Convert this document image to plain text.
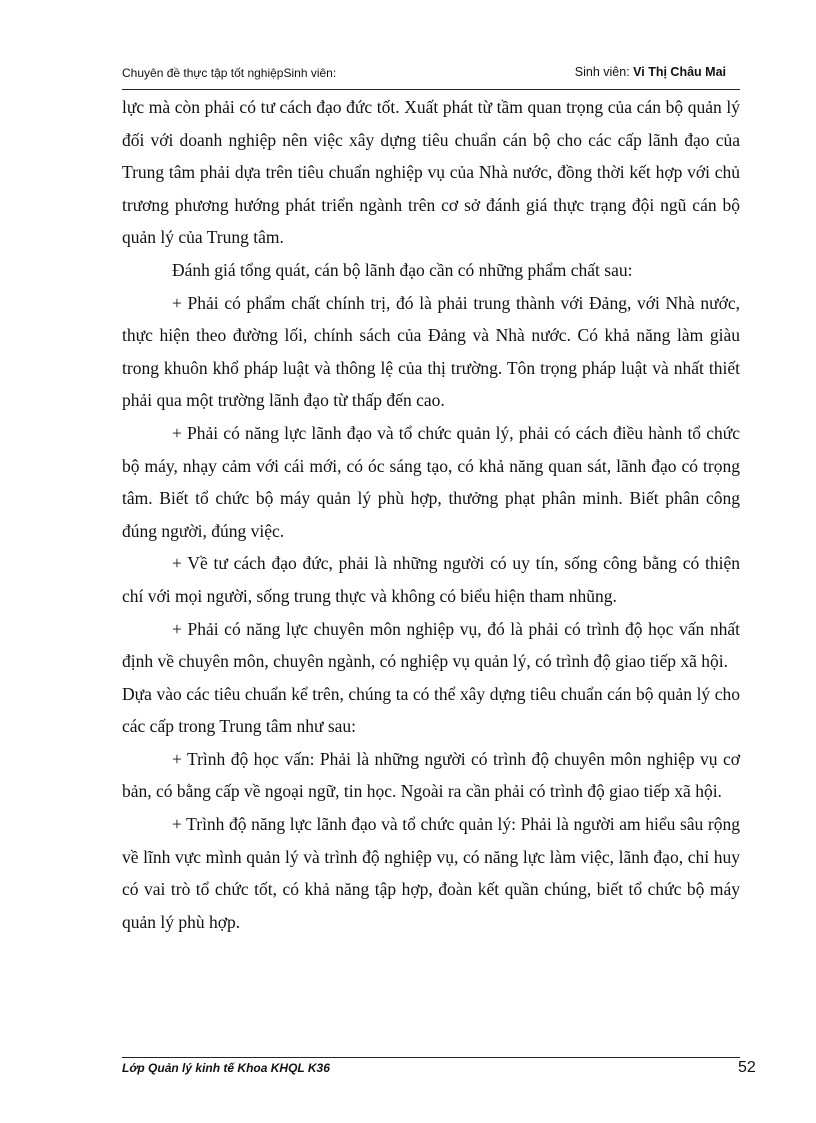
Chuyên đề thực tập tốt nghiệpSinh viên:	Sinh viên: Vi Thị Châu Mai

lực mà còn phải có tư cách đạo đức tốt. Xuất phát từ tầm quan trọng của cán bộ quản lý đối với doanh nghiệp nên việc xây dựng tiêu chuẩn cán bộ cho các cấp lãnh đạo của Trung tâm phải dựa trên tiêu chuẩn nghiệp vụ của Nhà nước, đồng thời kết hợp với chủ trương phương hướng phát triển ngành trên cơ sở đánh giá thực trạng đội ngũ cán bộ quản lý của Trung tâm.

Đánh giá tổng quát, cán bộ lãnh đạo cần có những phẩm chất sau:

+ Phải có phẩm chất chính trị, đó là phải trung thành với Đảng, với Nhà nước, thực hiện theo đường lối, chính sách của Đảng và Nhà nước. Có khả năng làm giàu trong khuôn khổ pháp luật và thông lệ của thị trường. Tôn trọng pháp luật và nhất thiết phải qua một trường lãnh đạo từ thấp đến cao.

+ Phải có năng lực lãnh đạo và tổ chức quản lý, phải có cách điều hành tổ chức bộ máy, nhạy cảm với cái mới, có óc sáng tạo, có khả năng quan sát, lãnh đạo có trọng tâm. Biết tổ chức bộ máy quản lý phù hợp, thưởng phạt phân minh. Biết phân công đúng người, đúng việc.

+ Về tư cách đạo đức, phải là những người có uy tín, sống công bằng có thiện chí với mọi người, sống trung thực và không có biểu hiện tham nhũng.

+ Phải có năng lực chuyên môn nghiệp vụ, đó là phải có trình độ học vấn nhất định về chuyên môn, chuyên ngành, có nghiệp vụ quản lý, có trình độ giao tiếp xã hội.

Dựa vào các tiêu chuẩn kể trên, chúng ta có thể xây dựng tiêu chuẩn cán bộ quản lý cho các cấp trong Trung tâm như sau:

+ Trình độ học vấn: Phải là những người có trình độ chuyên môn nghiệp vụ cơ bản, có bằng cấp về ngoại ngữ, tin học. Ngoài ra cần phải có trình độ giao tiếp xã hội.

+ Trình độ năng lực lãnh đạo và tổ chức quản lý: Phải là người am hiểu sâu rộng về lĩnh vực mình quản lý và trình độ nghiệp vụ, có năng lực làm việc, lãnh đạo, chỉ huy có vai trò tổ chức tốt, có khả năng tập hợp, đoàn kết quần chúng, biết tổ chức bộ máy quản lý phù hợp.

Lớp Quản lý kinh tế Khoa KHQL K36	52
